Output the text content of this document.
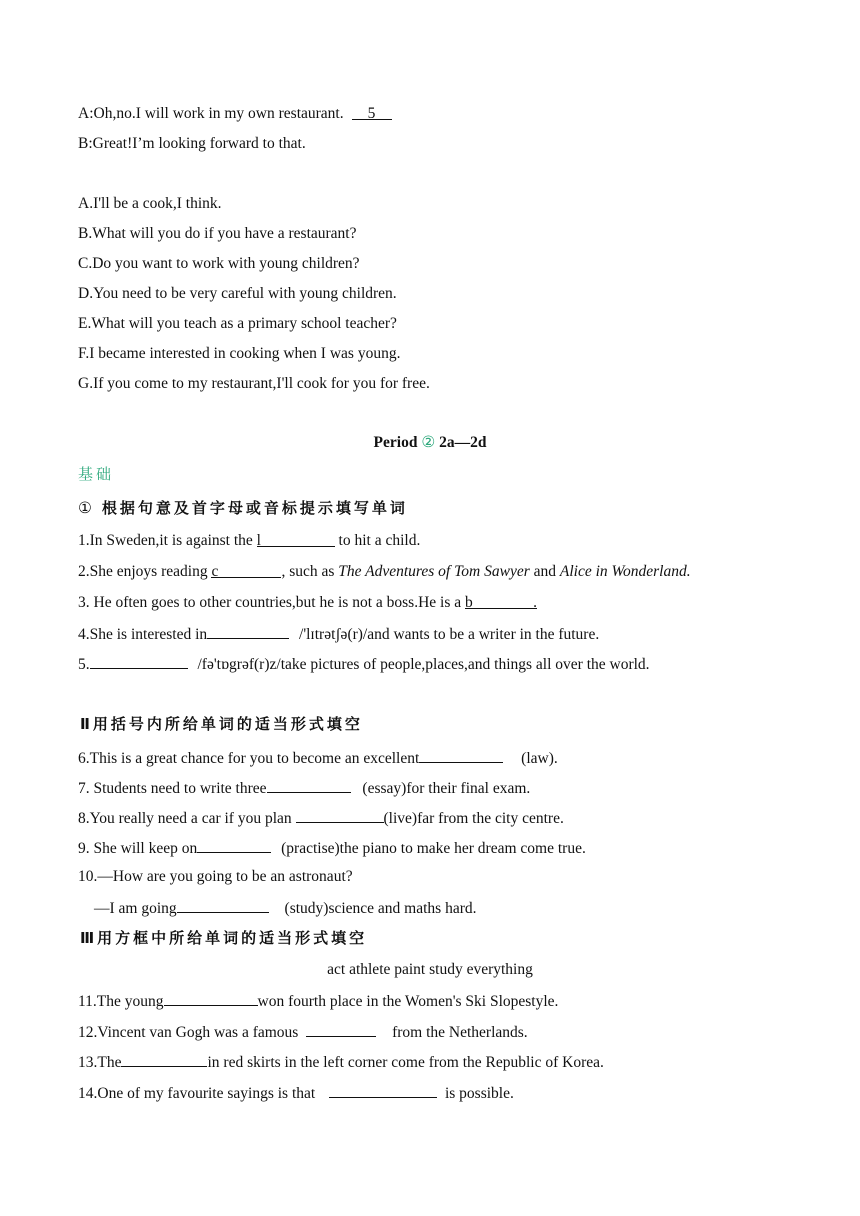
A:Oh,no.I will work in my own restaurant. 5
B:Great!I’m looking forward to that.
A.I'll be a cook,I think.
B.What will you do if you have a restaurant?
C.Do you want to work with young children?
D.You need to be very careful with young children.
E.What will you teach as a primary school teacher?
F.I became interested in cooking when I was young.
G.If you come to my restaurant,I'll cook for you for free.
Period ② 2a—2d
基础
① 根据句意及首字母或音标提示填写单词
1.In Sweden,it is against the l	to hit a child.
2.She enjoys reading c	, such as The Adventures of Tom Sawyer and Alice in Wonderland.
3. He often goes to other countries,but he is not a boss.He is a b	.
4.She is interested in	/'lɪtrətʃə(r)/and wants to be a writer in the future.
5.	/fə'tɒgrəf(r)z/take pictures of people,places,and things all over the world.
Ⅱ用括号内所给单词的适当形式填空
6.This is a great chance for you to become an excellent	(law).
7. Students need to write three	(essay)for their final exam.
8.You really need a car if you plan	(live)far from the city centre.
9. She will keep on	(practise)the piano to make her dream come true.
10.—How are you going to be an astronaut?
—I am going	(study)science and maths hard.
Ⅲ用方框中所给单词的适当形式填空
act athlete paint study everything
11.The young	won fourth place in the Women's Ski Slopestyle.
12.Vincent van Gogh was a famous	from the Netherlands.
13.The	in red skirts in the left corner come from the Republic of Korea.
14.One of my favourite sayings is that	is possible.
